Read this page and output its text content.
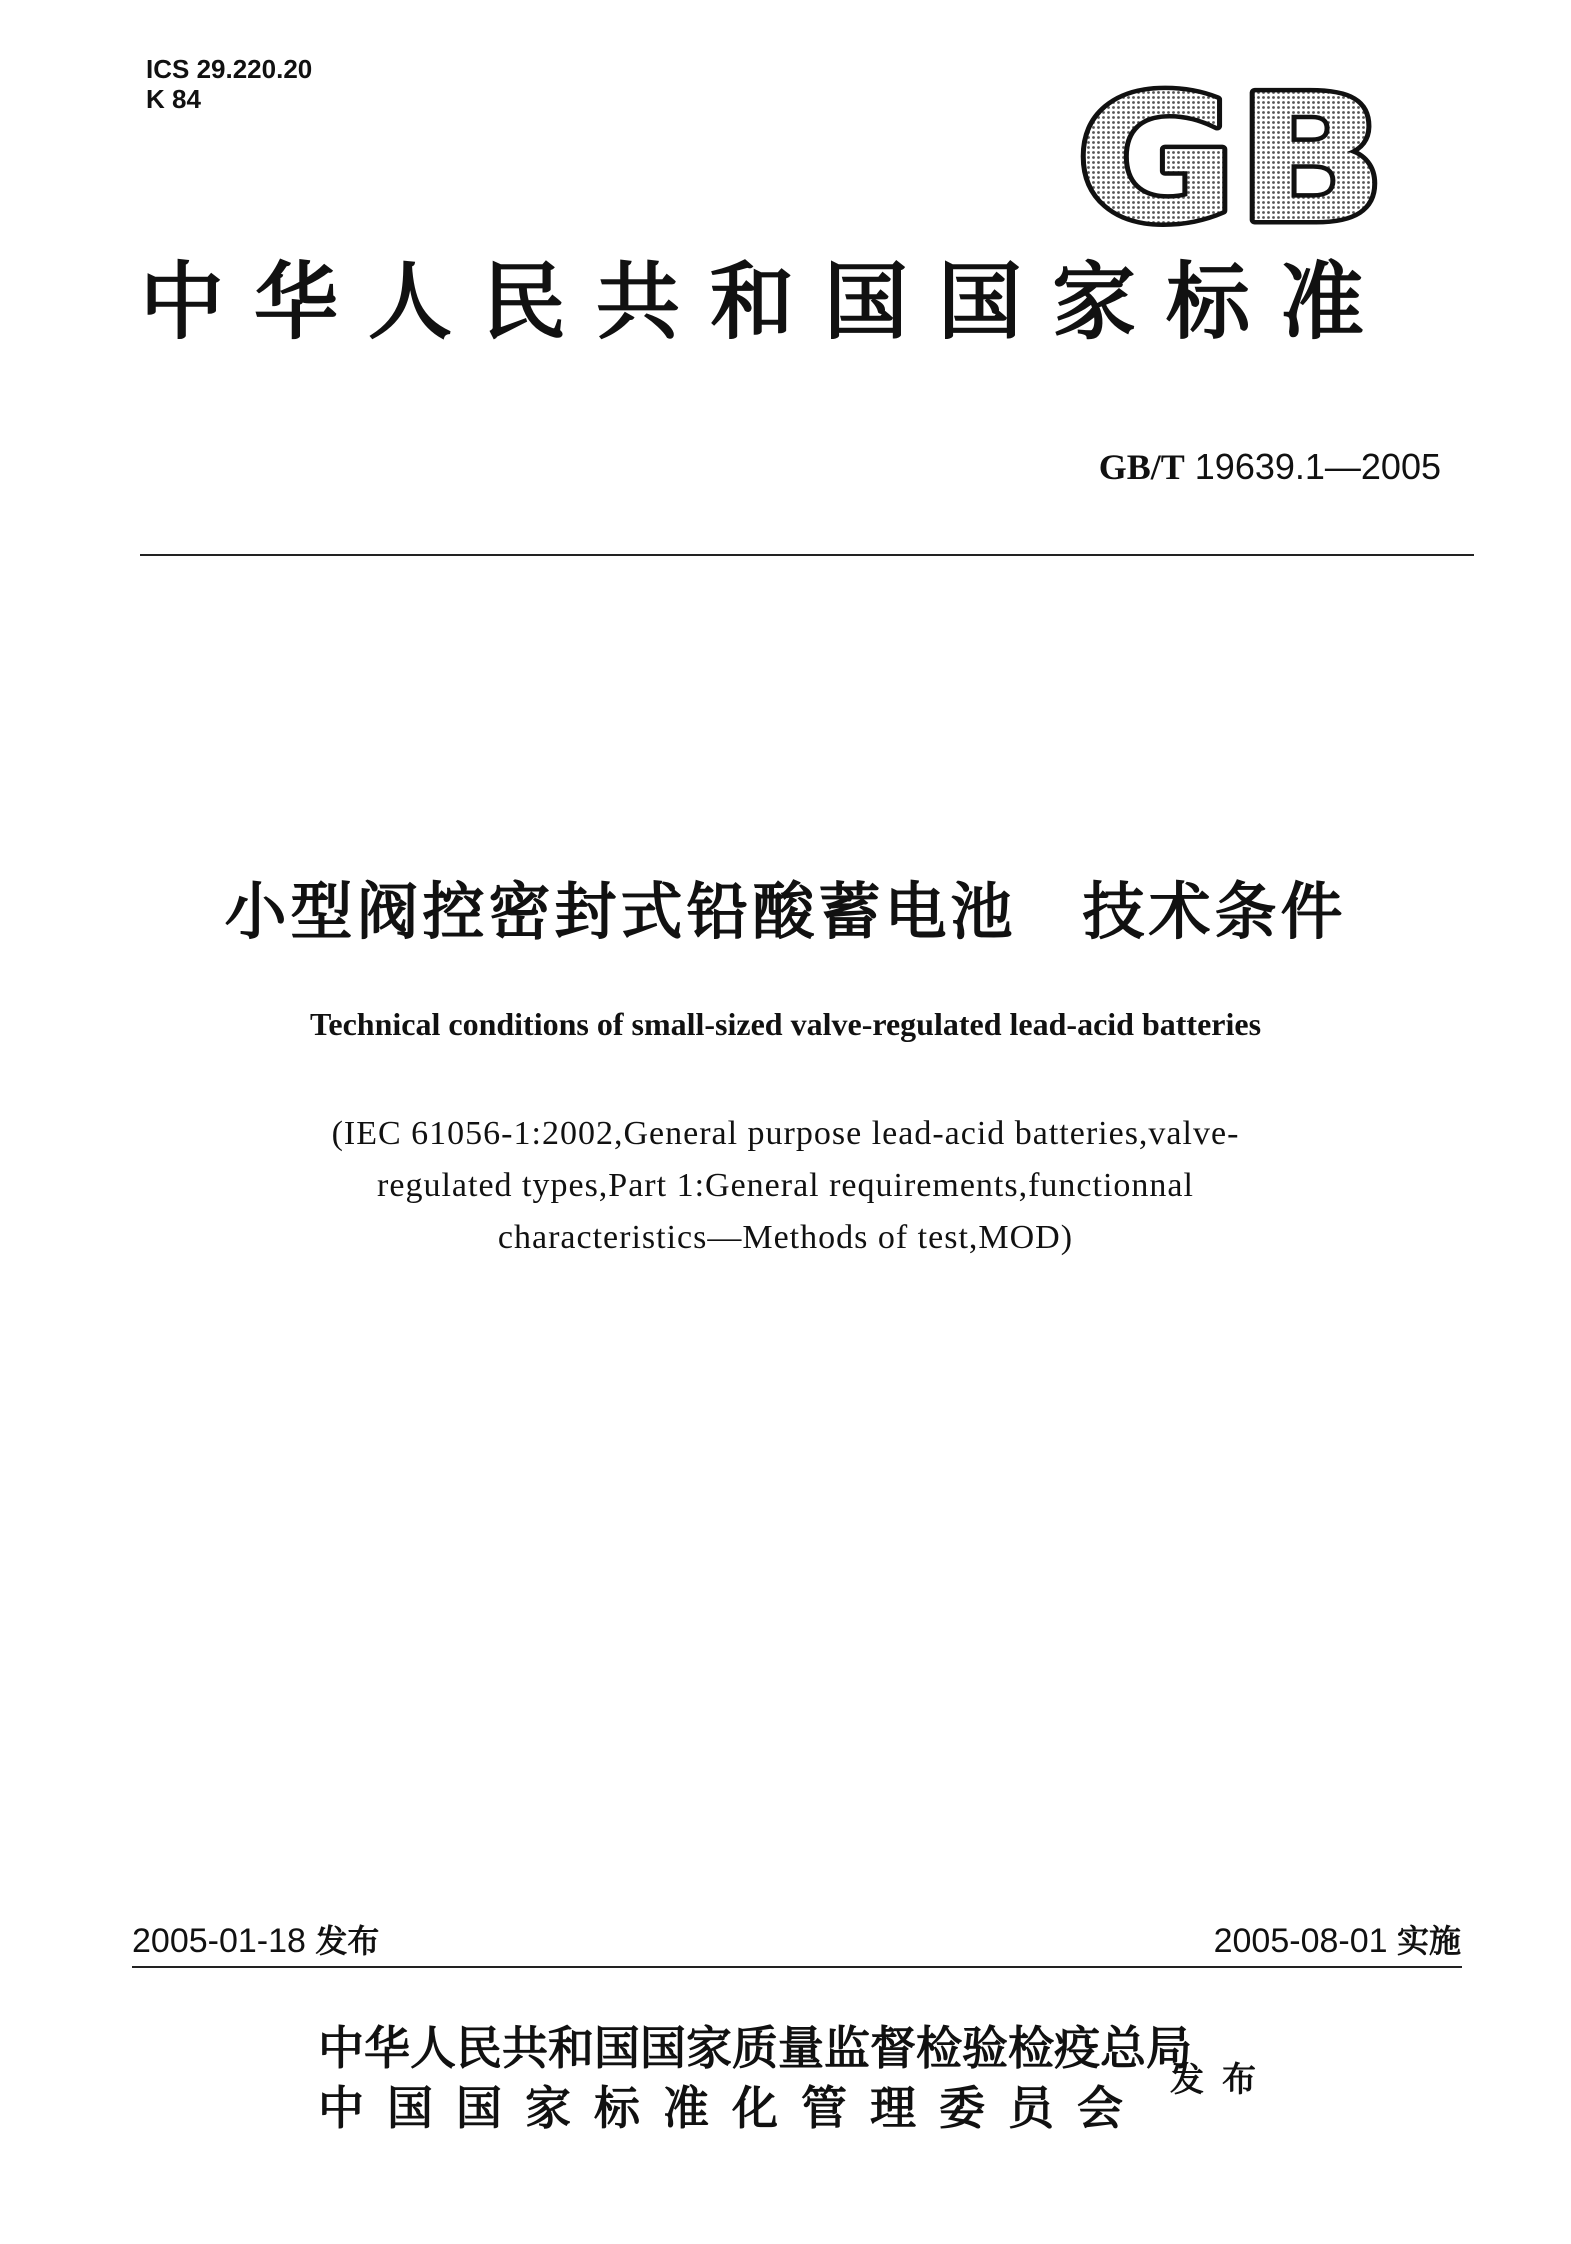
ICS 29.220.20
K 84	GB
中华人民共和国国家标准
GB/T 19639.1—2005
小型阀控密封式铅酸蓄电池　技术条件
Technical conditions of small-sized valve-regulated lead-acid batteries
(IEC 61056-1:2002,General purpose lead-acid batteries,valve-
regulated types,Part 1:General requirements,functionnal
characteristics—Methods of test,MOD)
2005-01-18 发布	2005-08-01 实施
中华人民共和国国家质量监督检验检疫总局
中国国家标准化管理委员会
发布
